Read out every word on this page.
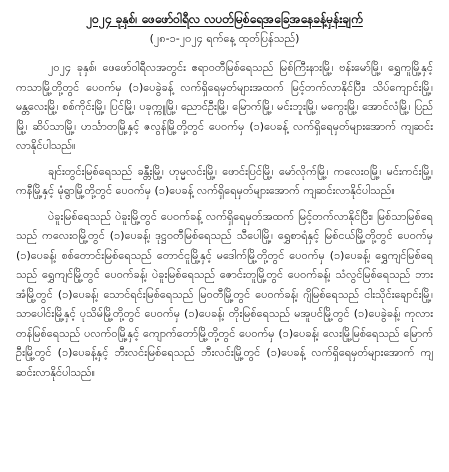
၂၀၂၄ ခုနှစ်၊ ဖေဖော်ဝါရီလ လပတ်မြစ်ရေအခြေအနေခန့်မှန်းချက်
(၂၈-၁-၂၀၂၄ ရက်နေ့ ထုတ်ပြန်သည်)

၂၀၂၄ ခုနှစ်၊ ဖေဖော်ဝါရီလအတွင်း ဧရာဝတီမြစ်ရေသည် မြစ်ကြီးနားမြို့၊ ဗန်းမော်မြို့၊ ရွှေကူမြို့နှင့် ကသာမြို့တို့တွင် ပေ၀က်မှ (၁)ပေခွဲခန့် လက်ရှိရေမှတ်များအထက် မြင့်တက်လာနိုင်ပြီး၊ သိပ်ကျောင်းမြို့၊ မန္တလေးမြို့၊ စစ်ကိုင်းမြို့၊ ပြင်မြို့၊ ပခုက္ကူမြို့၊ ညောင်ဦးမြို့၊ မြောက်မြို့၊ မင်းဘူးမြို့၊ မကွေးမြို့၊ အောင်လံမြို့၊ ပြည်မြို့၊ ဆိပ်သာမြို့၊ ဟင်္သာတမြို့နှင့် ဇလွန်မြို့တို့တွင် ပေ၀က်မှ (၁)ပေခန့် လက်ရှိရေမှတ်များအောက် ကျဆင်းလာနိုင်ပါသည်။

ချင်းတွင်းမြစ်ရေသည် ခန္တီးမြို့၊ ဟုမ္မလင်းမြို့၊ ဖောင်းပြင်မြို့၊ မော်လိုက်မြို့၊ ကလေးဝမြို့၊ မင်းကင်းမြို့၊ ကနီမြို့နှင့် မုံရွာမြို့တို့တွင် ပေ၀က်မှ (၁)ပေခန့် လက်ရှိရေမှတ်များအောက် ကျဆင်းလာနိုင်ပါသည်။

ပဲခူးမြစ်ရေသည် ပဲခူးမြို့တွင် ပေ၀က်ခန့် လက်ရှိရေမှတ်အထက် မြင့်တက်လာနိုင်ပြီး၊ မြစ်သာမြစ်ရေသည် ကလေးဝမြို့တွင် (၁)ပေခန့်၊ ဒုဋ္ဌဝတီမြစ်ရေသည် သီပေါမြို့၊ ရွှေစာရံနှင့် မြစ်ငယ်မြို့တို့တွင် ပေ၀က်မှ (၁)ပေခန့်၊ စစ်တောင်းမြစ်ရေသည် တောင်ငူမြို့နှင့် မဒေါက်မြို့တို့တွင် ပေ၀က်မှ (၁)ပေခန့်၊ ရွှေကျင်မြစ်ရေသည် ရွှေကျင်မြို့တွင် ပေ၀က်ခန့်၊ ပဲခူးမြစ်ရေသည် ဇောင်းတူမြို့တွင် ပေ၀က်ခန့်၊ သံလွင်မြစ်ရေသည် ဘားအံမြို့တွင် (၁)ပေခန့်၊ သောင်ရင်းမြစ်ရေသည် မြဝတီမြို့တွင် ပေ၀က်ခန့်၊ ဂျိမြစ်ရေသည် ငါးသိုင်းချောင်းမြို့၊ သာပေါင်းမြို့နှင့် ပုသိမ်မြို့တို့တွင် ပေ၀က်မှ (၁)ပေခန့်၊ တိုးမြစ်ရေသည် မအူပင်မြို့တွင် (၁)ပေခွဲခန့်၊ ကုလားတန်မြစ်ရေသည် ပလက်ဝမြို့နှင့် ကျောက်တော်မြို့တို့တွင် ပေ၀က်မှ (၁)ပေခန့်၊ လေးမြို့မြစ်ရေသည် မြောက်ဦးမြို့တွင် (၁)ပေခန့်နှင့် ဘီးလင်းမြစ်ရေသည် ဘီးလင်းမြို့တွင် (၁)ပေခန့် လက်ရှိရေမှတ်များအောက် ကျဆင်းလာနိုင်ပါသည်။
